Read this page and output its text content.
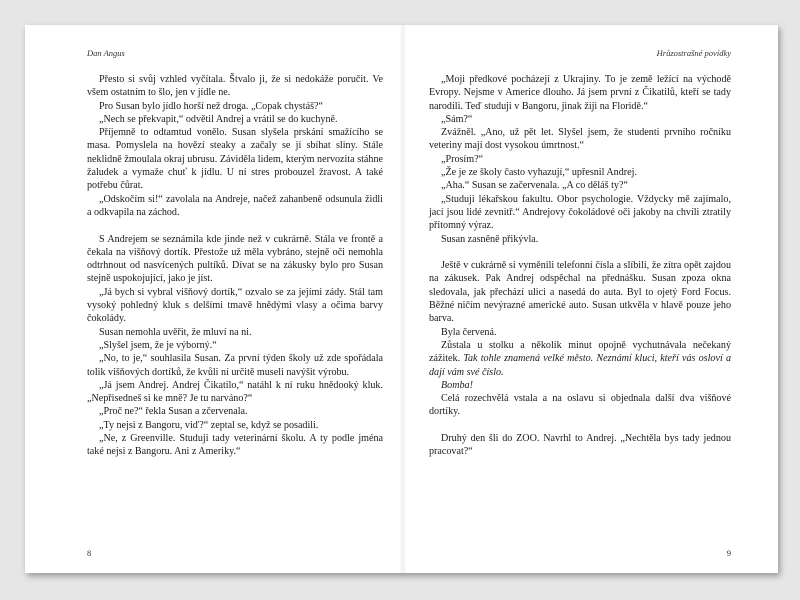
Dan Angus

Přesto si svůj vzhled vyčítala. Štvalo ji, že si nedokáže poručit. Ve všem ostatním to šlo, jen v jídle ne.

Pro Susan bylo jídlo horší než droga. „Copak chystáš?“

„Nech se překvapit,“ odvětil Andrej a vrátil se do kuchyně.

Příjemně to odtamtud vonělo. Susan slyšela prskání smažícího se masa. Pomyslela na hovězí steaky a začaly se jí sbíhat sliny. Stále neklidně žmoulala okraj ubrusu. Záviděla lidem, kterým nervozita stáhne žaludek a vymaže chuť k jídlu. U ní stres probouzel žravost. A také potřebu čůrat.

„Odskočím si!“ zavolala na Andreje, načež zahanbeně odsunula židli a odkvapila na záchod.

S Andrejem se seznámila kde jinde než v cukrárně. Stála ve frontě a čekala na višňový dortík. Přestože už měla vybráno, stejně oči nemohla odtrhnout od nasvícených pultíků. Dívat se na zákusky bylo pro Susan stejně uspokojující, jako je jíst.

„Já bych si vybral višňový dortík,“ ozvalo se za jejími zády. Stál tam vysoký pohledný kluk s delšími tmavě hnědými vlasy a očima barvy čokolády.

Susan nemohla uvěřit, že mluví na ni.

„Slyšel jsem, že je výborný.“

„No, to je,“ souhlasila Susan. Za první týden školy už zde spořádala tolik višňových dortíků, že kvůli ní určitě museli navýšit výrobu.

„Já jsem Andrej. Andrej Čikatilo,“ natáhl k ní ruku hnědooký kluk. „Nepřisedneš si ke mně? Je tu narváno?“

„Proč ne?“ řekla Susan a zčervenala.

„Ty nejsi z Bangoru, viď?“ zeptal se, když se posadili.

„Ne, z Greenville. Studuji tady veterinární školu. A ty podle jména také nejsi z Bangoru. Ani z Ameriky.“

8
Hrůzostrašné povídky

„Moji předkové pocházejí z Ukrajiny. To je země ležící na východě Evropy. Nejsme v Americe dlouho. Já jsem první z Čikatilů, kteří se tady narodili. Teď studuji v Bangoru, jinak žiji na Floridě.“

„Sám?“

Zvážněl. „Ano, už pět let. Slyšel jsem, že studenti prvního ročníku veteriny mají dost vysokou úmrtnost.“

„Prosím?“

„Že je ze školy často vyhazují,“ upřesnil Andrej.

„Aha.“ Susan se začervenala. „A co děláš ty?“

„Studuji lékařskou fakultu. Obor psychologie. Vždycky mě zajímalo, jací jsou lidé zevnitř.“ Andrejovy čokoládové oči jakoby na chvíli ztratily přítomný výraz.

Susan zasněně přikývla.

Ještě v cukrárně si vyměnili telefonní čísla a slíbili, že zítra opět zajdou na zákusek. Pak Andrej odspěchal na přednášku. Susan zpoza okna sledovala, jak přechází ulici a nasedá do auta. Byl to ojetý Ford Focus. Běžné ničím nevýrazné americké auto. Susan utkvěla v hlavě pouze jeho barva.

Byla červená.

Zůstala u stolku a několik minut opojně vychutnávala nečekaný zážitek. Tak tohle znamená velké město. Neznámí kluci, kteří vás osloví a dají vám své číslo.

Bomba!

Celá rozechvělá vstala a na oslavu si objednala další dva višňové dortíky.

Druhý den šli do ZOO. Navrhl to Andrej. „Nechtěla bys tady jednou pracovat?“

9
